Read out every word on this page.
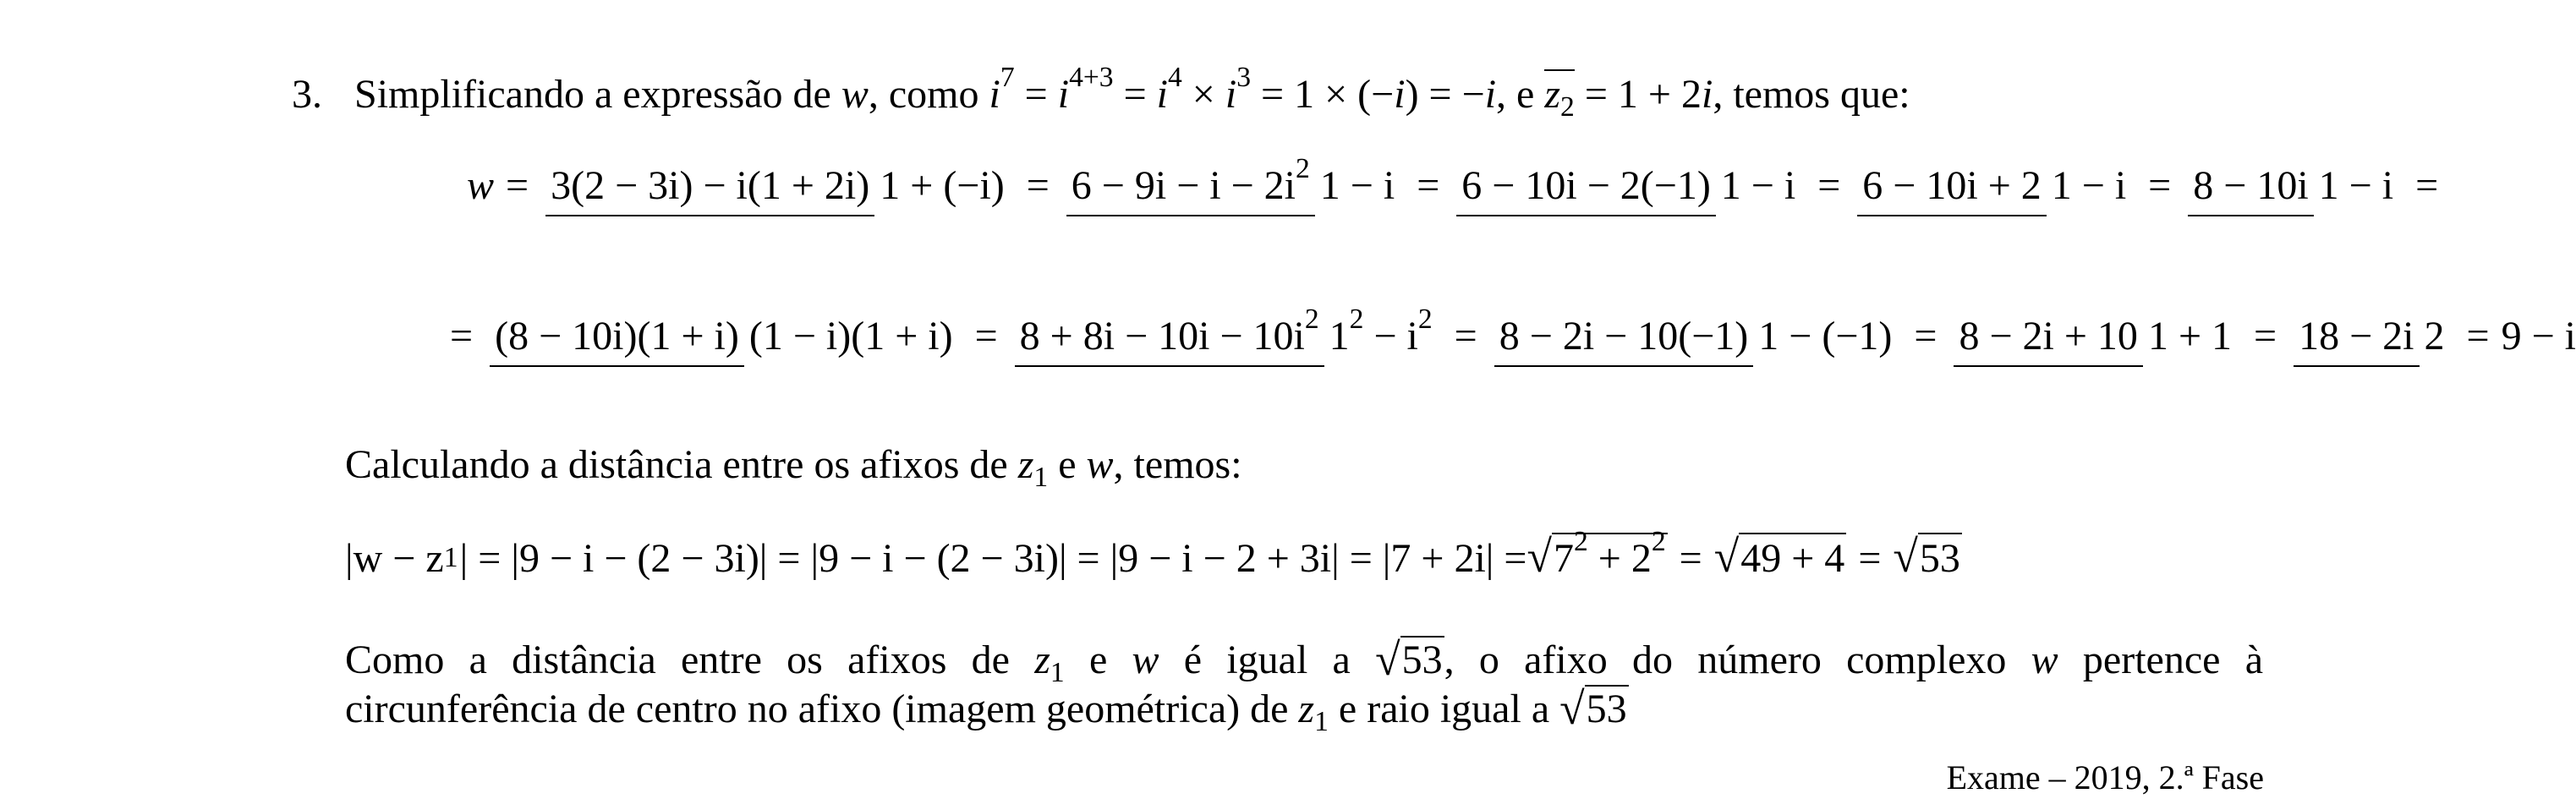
3. Simplificando a expressão de w, como $i^7 = i^{4+3} = i^4 \times i^3 = 1 \times (-i) = -i$, e $z_2 = 1 + 2i$, temos que:
w = 3(2 − 3i) − i(1 + 2i) $1 + (-i) = 6 - 9i - i - 2i^2$ 1 − i = 6 − 10i − 2(−1) 1 − i = 6 − 10i + 2 1 − i = 8 − 10i 1 − i =
= (8 − 10i)(1 + i) $(1 - i)(1 + i) = 8 + 8i - 10i - 10i^2$ $1^2 - i^2 = 8 - 2i - 10(-1) 1 - (-1) = 8 - 2i + 10$ 1 + 1 = 18 − 2i 2 = 9 − i
Calculando a distância entre os afixos de $z_1$ e w, temos:
|w − z 1 | = $|9 - i - (2 - 3i)| = |9 - i - (2 - 3i)| = |9 - i - 2 + 3i| = |7 + 2i| = √7^2 + 2^2 = √49 + 4 = √53$
Como a distância entre os afixos de $z_1$ e w é igual a √ 53 , o afixo do número complexo w pertence à
circunferência de centro no afixo (imagem geométrica) de $z_1$ e raio igual a √ 53
Exame – 2019, 2.ª Fase
